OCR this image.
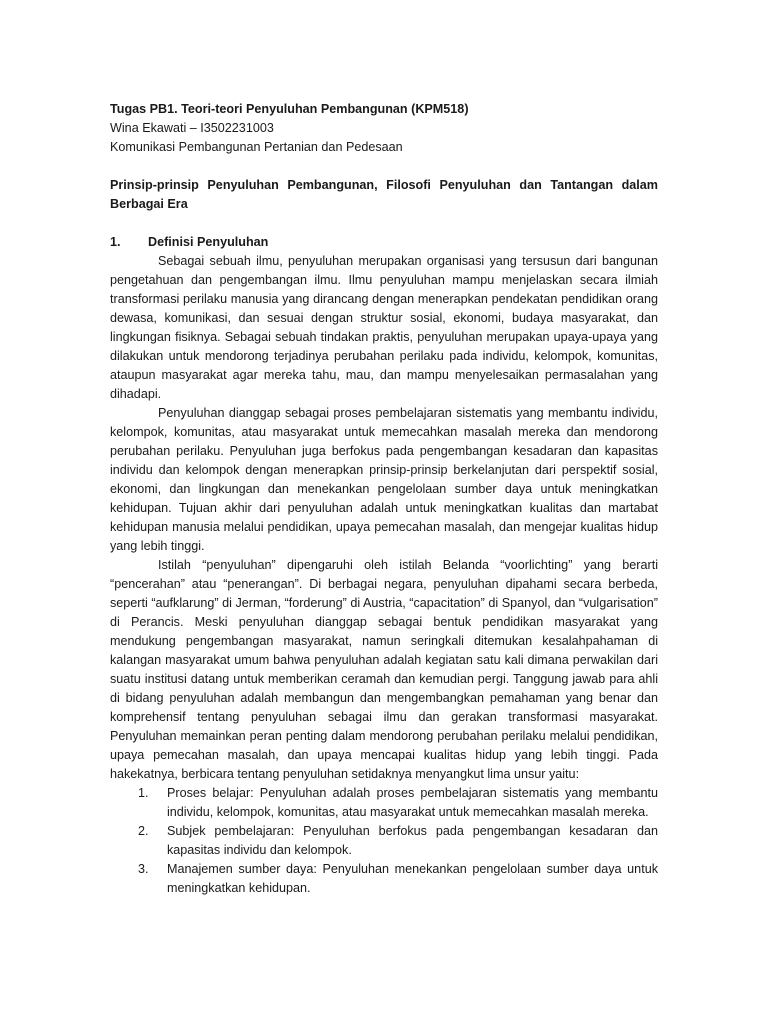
Tugas PB1. Teori-teori Penyuluhan Pembangunan (KPM518)

Wina Ekawati – I3502231003

Komunikasi Pembangunan Pertanian dan Pedesaan

Prinsip-prinsip Penyuluhan Pembangunan, Filosofi Penyuluhan dan Tantangan dalam Berbagai Era

1.	Definisi Penyuluhan

Sebagai sebuah ilmu, penyuluhan merupakan organisasi yang tersusun dari bangunan pengetahuan dan pengembangan ilmu. Ilmu penyuluhan mampu menjelaskan secara ilmiah transformasi perilaku manusia yang dirancang dengan menerapkan pendekatan pendidikan orang dewasa, komunikasi, dan sesuai dengan struktur sosial, ekonomi, budaya masyarakat, dan lingkungan fisiknya. Sebagai sebuah tindakan praktis, penyuluhan merupakan upaya-upaya yang dilakukan untuk mendorong terjadinya perubahan perilaku pada individu, kelompok, komunitas, ataupun masyarakat agar mereka tahu, mau, dan mampu menyelesaikan permasalahan yang dihadapi.

Penyuluhan dianggap sebagai proses pembelajaran sistematis yang membantu individu, kelompok, komunitas, atau masyarakat untuk memecahkan masalah mereka dan mendorong perubahan perilaku. Penyuluhan juga berfokus pada pengembangan kesadaran dan kapasitas individu dan kelompok dengan menerapkan prinsip-prinsip berkelanjutan dari perspektif sosial, ekonomi, dan lingkungan dan menekankan pengelolaan sumber daya untuk meningkatkan kehidupan. Tujuan akhir dari penyuluhan adalah untuk meningkatkan kualitas dan martabat kehidupan manusia melalui pendidikan, upaya pemecahan masalah, dan mengejar kualitas hidup yang lebih tinggi.

Istilah “penyuluhan” dipengaruhi oleh istilah Belanda “voorlichting” yang berarti “pencerahan” atau “penerangan”. Di berbagai negara, penyuluhan dipahami secara berbeda, seperti “aufklarung” di Jerman, “forderung” di Austria, “capacitation” di Spanyol, dan “vulgarisation” di Perancis. Meski penyuluhan dianggap sebagai bentuk pendidikan masyarakat yang mendukung pengembangan masyarakat, namun seringkali ditemukan kesalahpahaman di kalangan masyarakat umum bahwa penyuluhan adalah kegiatan satu kali dimana perwakilan dari suatu institusi datang untuk memberikan ceramah dan kemudian pergi. Tanggung jawab para ahli di bidang penyuluhan adalah membangun dan mengembangkan pemahaman yang benar dan komprehensif tentang penyuluhan sebagai ilmu dan gerakan transformasi masyarakat. Penyuluhan memainkan peran penting dalam mendorong perubahan perilaku melalui pendidikan, upaya pemecahan masalah, dan upaya mencapai kualitas hidup yang lebih tinggi. Pada hakekatnya, berbicara tentang penyuluhan setidaknya menyangkut lima unsur yaitu:

1.	Proses belajar: Penyuluhan adalah proses pembelajaran sistematis yang membantu individu, kelompok, komunitas, atau masyarakat untuk memecahkan masalah mereka.
2.	Subjek pembelajaran: Penyuluhan berfokus pada pengembangan kesadaran dan kapasitas individu dan kelompok.
3.	Manajemen sumber daya: Penyuluhan menekankan pengelolaan sumber daya untuk meningkatkan kehidupan.
